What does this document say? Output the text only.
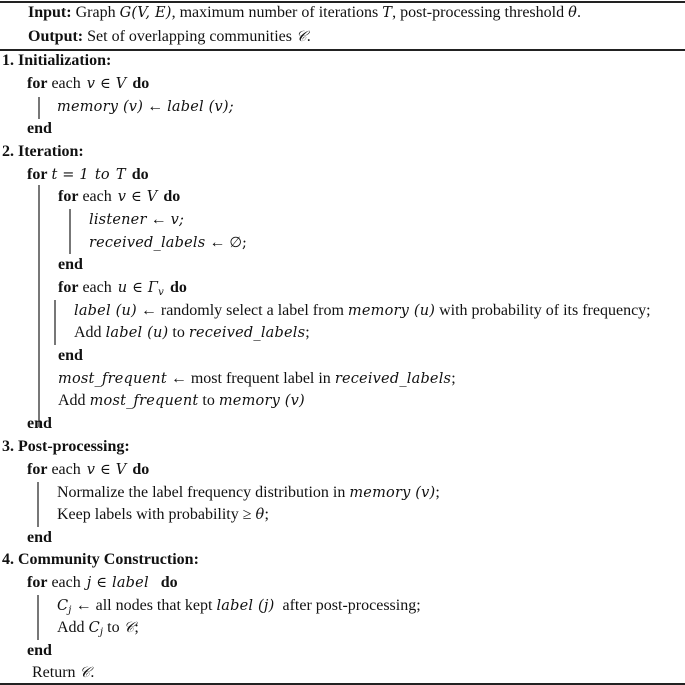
Input: Graph G(V, E), maximum number of iterations T, post-processing threshold θ.
Output: Set of overlapping communities 𝒞.
1. Initialization:
for each v ∈ V do
memory (v) ← label (v);
end
2. Iteration:
for t = 1 to T do
for each v ∈ V do
listener ← v;
received_labels ← ∅;
end
for each u ∈ $\Gamma_v$ do
label (u) ← randomly select a label from memory (u) with probability of its frequency;
Add label (u) to received_labels;
end
most_frequent ← most frequent label in received_labels;
Add most_frequent to memory (v)
end
3. Post-processing:
for each v ∈ V do
Normalize the label frequency distribution in memory (v);
Keep labels with probability ≥ θ;
end
4. Community Construction:
for each j ∈ label do
$C_j$ ← all nodes that kept label (j)  after post-processing;
Add $C_j$ to 𝒞;
end
Return 𝒞.
